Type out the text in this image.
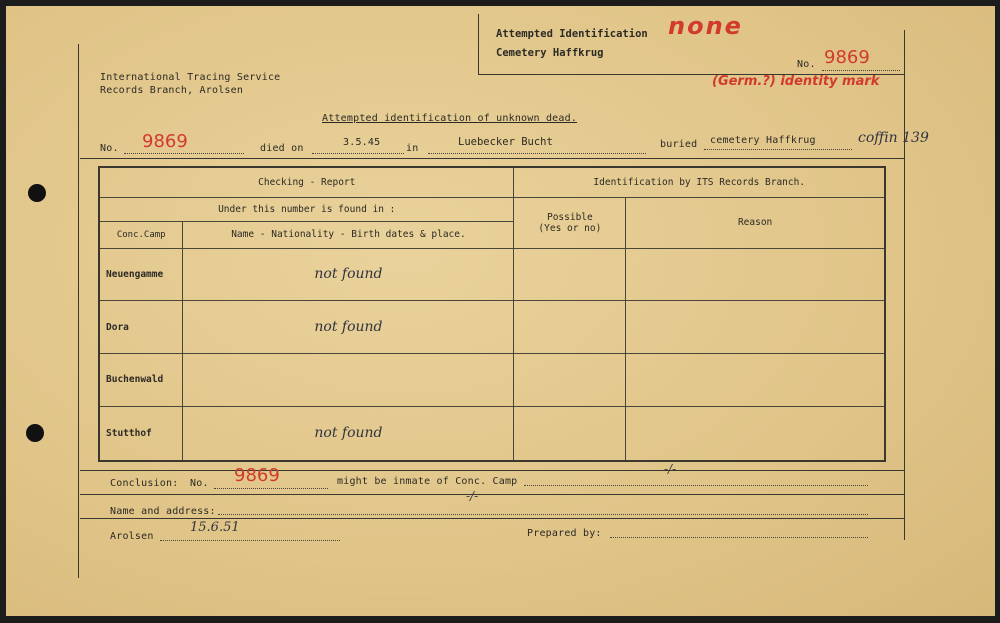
Attempted Identification none
Cemetery Haffkrug
No. 9869
(Germ.?) identity mark
International Tracing Service
Records Branch, Arolsen
Attempted identification of unknown dead.
No. 9869	died on
3.5.45
in
Luebecker Bucht	buried cemetery Haffkrug	coffin 139
Checking - Report		Identification by ITS Records Branch.	
Under this number is found in :		Possible
(Yes or no)	Reason
Conc.Camp	Name - Nationality - Birth dates & place.		
Neuengamme	not found		
Dora	not found		
Buchenwald			
Stutthof	not found		
Conclusion: No. 9869	might be inmate of Conc. Camp
-/-
Name and address:
-/-
Arolsen
15.6.51	Prepared by:
